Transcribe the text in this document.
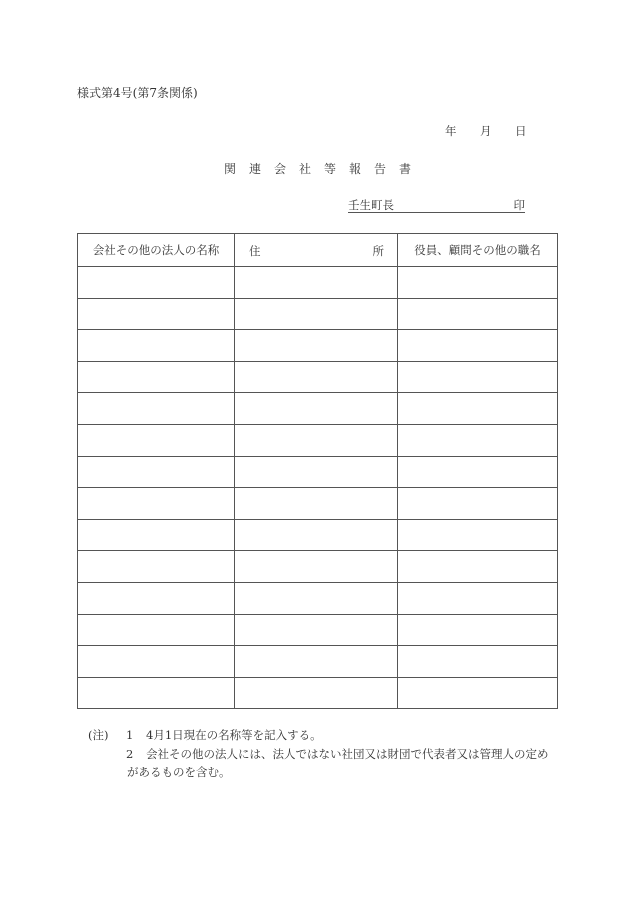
様式第4号(第7条関係)
年 月 日
関連会社等報告書
壬生町長	印
会社その他の法人の名称	住 所	役員、顧問その他の職名

(注) 1 4月1日現在の名称等を記入する。
2 会社その他の法人には、法人ではない社団又は財団で代表者又は管理人の定め
があるものを含む。
